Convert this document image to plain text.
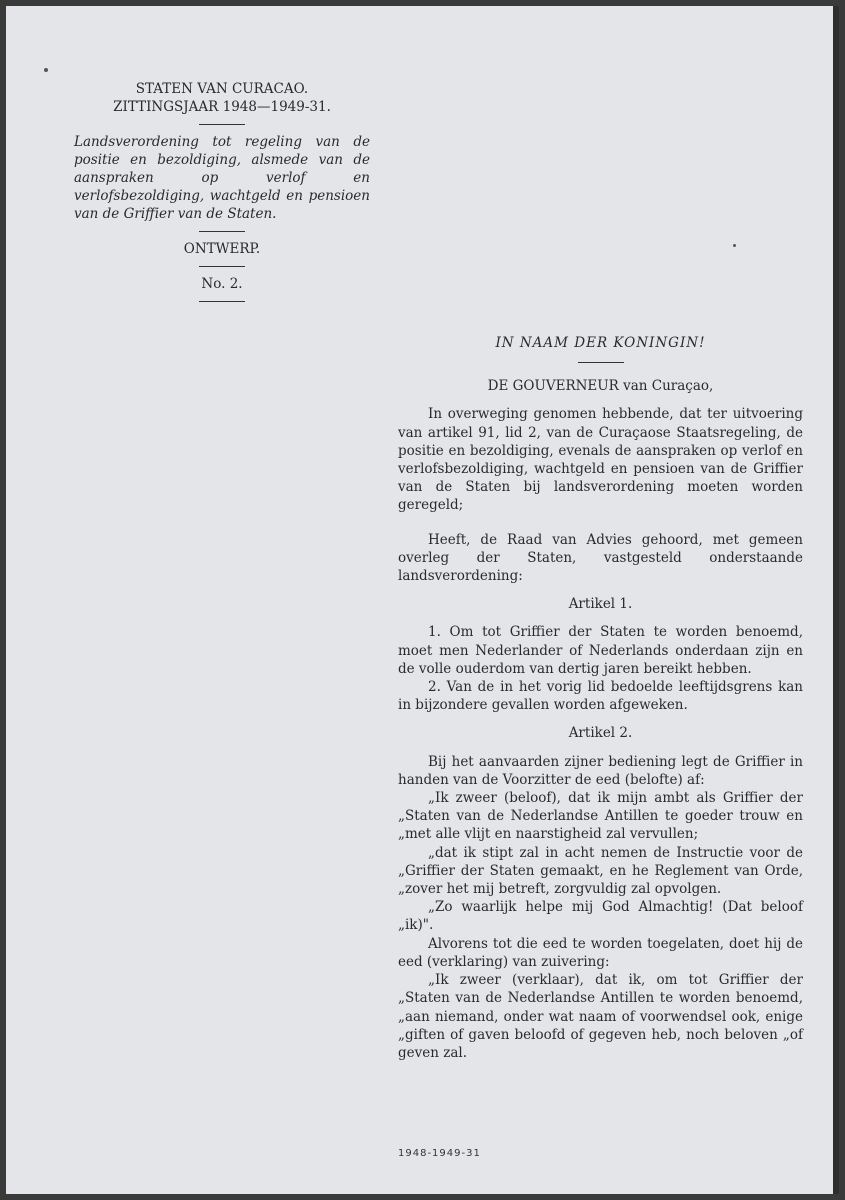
STATEN VAN CURACAO.
ZITTINGSJAAR 1948—1949-31.

Landsverordening tot regeling van de positie en bezoldiging, alsmede van de aanspraken op verlof en verlofsbezoldiging, wachtgeld en pensioen van de Griffier van de Staten.

ONTWERP.
No. 2.

IN NAAM DER KONINGIN!

DE GOUVERNEUR van Curaçao,

In overweging genomen hebbende, dat ter uitvoering van artikel 91, lid 2, van de Curaçaose Staatsregeling, de positie en bezoldiging, evenals de aanspraken op verlof en verlofsbezoldiging, wachtgeld en pensioen van de Griffier van de Staten bij landsverordening moeten worden geregeld;

Heeft, de Raad van Advies gehoord, met gemeen overleg der Staten, vastgesteld onderstaande landsverordening:

Artikel 1.

1. Om tot Griffier der Staten te worden benoemd, moet men Nederlander of Nederlands onderdaan zijn en de volle ouderdom van dertig jaren bereikt hebben.

2. Van de in het vorig lid bedoelde leeftijdsgrens kan in bijzondere gevallen worden afgeweken.

Artikel 2.

Bij het aanvaarden zijner bediening legt de Griffier in handen van de Voorzitter de eed (belofte) af:

„Ik zweer (beloof), dat ik mijn ambt als Griffier der „Staten van de Nederlandse Antillen te goeder trouw en „met alle vlijt en naarstigheid zal vervullen;

„dat ik stipt zal in acht nemen de Instructie voor de „Griffier der Staten gemaakt, en he Reglement van Orde, „zover het mij betreft, zorgvuldig zal opvolgen.

„Zo waarlijk helpe mij God Almachtig! (Dat beloof „ik)".

Alvorens tot die eed te worden toegelaten, doet hij de eed (verklaring) van zuivering:

„Ik zweer (verklaar), dat ik, om tot Griffier der „Staten van de Nederlandse Antillen te worden benoemd, „aan niemand, onder wat naam of voorwendsel ook, enige „giften of gaven beloofd of gegeven heb, noch beloven „of geven zal.

1948-1949-31
